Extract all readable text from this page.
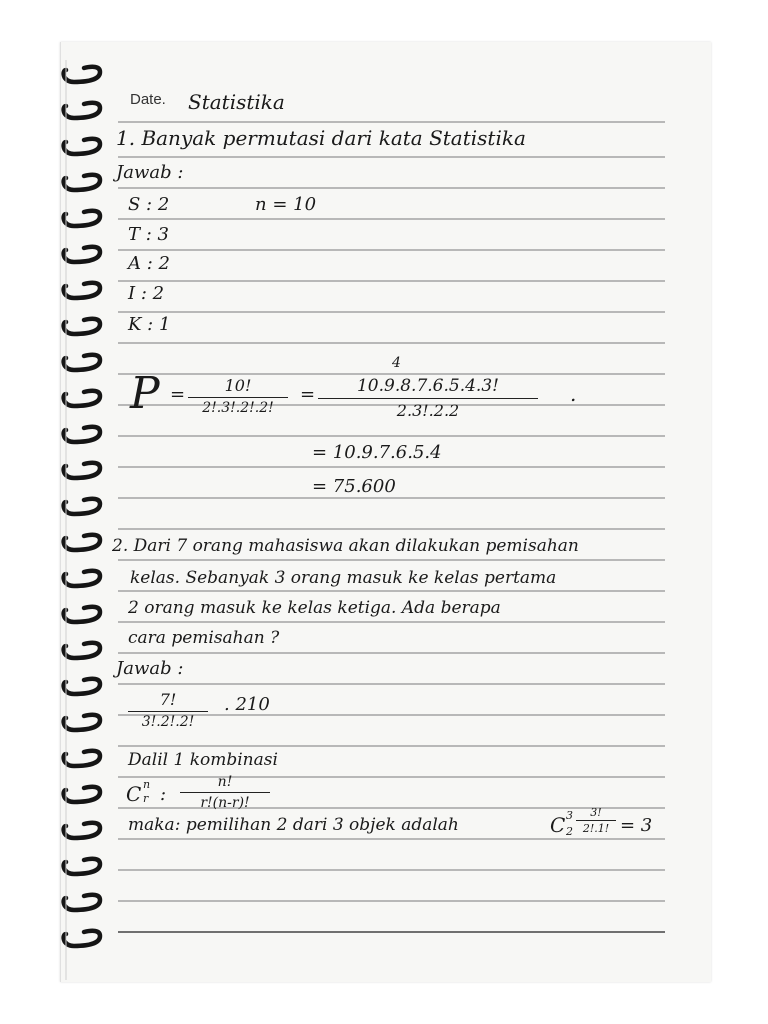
Date. Statistika
1. Banyak permutasi dari kata Statistika
Jawab :
S : 2	n = 10
T : 3
A : 2
I : 2
K : 1
P =	10!
2!.3!.2!.2!
=
4
10.9.8.7.6.5.4.3!
2.3!.2.2
.
= 10.9.7.6.5.4
= 75.600
2. Dari 7 orang mahasiswa akan dilakukan pemisahan
kelas. Sebanyak 3 orang masuk ke kelas pertama
2 orang masuk ke kelas ketiga. Ada berapa
cara pemisahan ?
Jawab :
7!
3!.2!.2!
. 210
Dalil 1 kombinasi
C n
r :
n!
r!(n-r)!
maka: pemilihan 2 dari 3 objek adalah	C 3
2
3!
2!.1! = 3
